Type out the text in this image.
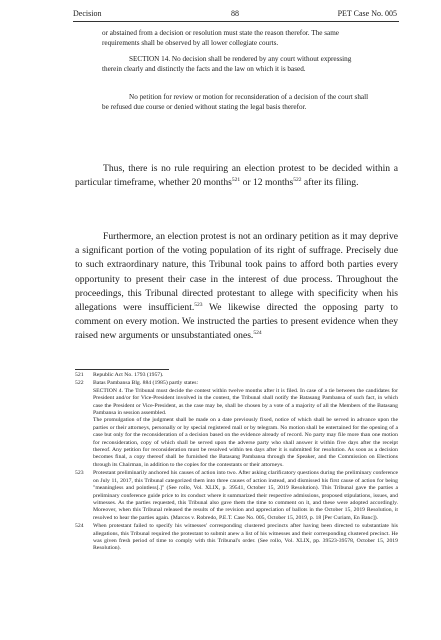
Decision	88	PET Case No. 005

or abstained from a decision or resolution must state the reason therefor. The same requirements shall be observed by all lower collegiate courts.

SECTION 14. No decision shall be rendered by any court without expressing therein clearly and distinctly the facts and the law on which it is based.

No petition for review or motion for reconsideration of a decision of the court shall be refused due course or denied without stating the legal basis therefor.

Thus, there is no rule requiring an election protest to be decided within a particular timeframe, whether 20 months$^{521}$ or 12 months$^{522}$ after its filing.

Furthermore, an election protest is not an ordinary petition as it may deprive a significant portion of the voting population of its right of suffrage. Precisely due to such extraordinary nature, this Tribunal took pains to afford both parties every opportunity to present their case in the interest of due process. Throughout the proceedings, this Tribunal directed protestant to allege with specificity when his allegations were insufficient.$^{523}$ We likewise directed the opposing party to comment on every motion. We instructed the parties to present evidence when they raised new arguments or unsubstantiated ones.$^{524}$

521 Republic Act No. 1793 (1957).
522 Batas Pambansa Blg. 884 (1985) partly states:
SECTION 4. The Tribunal must decide the contest within twelve months after it is filed. In case of a tie between the candidates for President and/or for Vice-President involved in the contest, the Tribunal shall notify the Batasang Pambansa of such fact, in which case the President or Vice-President, as the case may be, shall be chosen by a vote of a majority of all the Members of the Batasang Pambansa in session assembled.
The promulgation of the judgment shall be made on a date previously fixed, notice of which shall be served in advance upon the parties or their attorneys, personally or by special registered mail or by telegram. No motion shall be entertained for the opening of a case but only for the reconsideration of a decision based on the evidence already of record. No party may file more than one motion for reconsideration, copy of which shall be served upon the adverse party who shall answer it within five days after the receipt thereof. Any petition for reconsideration must be resolved within ten days after it is submitted for resolution. As soon as a decision becomes final, a copy thereof shall be furnished the Batasang Pambansa through the Speaker, and the Commission on Elections through its Chairman, in addition to the copies for the contestants or their attorneys.
523 Protestant preliminarily anchored his causes of action into two. After asking clarificatory questions during the preliminary conference on July 11, 2017, this Tribunal categorized them into three causes of action instead, and dismissed his first cause of action for being "meaningless and pointless[.]" (See rollo, Vol. XLIX, p. 39541, October 15, 2019 Resolution). This Tribunal gave the parties a preliminary conference guide price to its conduct where it summarized their respective admissions, proposed stipulations, issues, and witnesses. As the parties requested, this Tribunal also gave them the time to comment on it, and these were adopted accordingly. Moreover, when this Tribunal released the results of the revision and appreciation of ballots in the October 15, 2019 Resolution, it resolved to hear the parties again. (Marcos v. Robredo, P.E.T. Case No. 005, October 15, 2019, p. 18 [Per Curiam, En Banc]).
524 When protestant failed to specify his witnesses' corresponding clustered precincts after having been directed to substantiate his allegations, this Tribunal required the protestant to submit anew a list of his witnesses and their corresponding clustered precinct. He was given fresh period of time to comply with this Tribunal's order. (See rollo, Vol. XLIX, pp. 39523-39578, October 15, 2019 Resolution).
